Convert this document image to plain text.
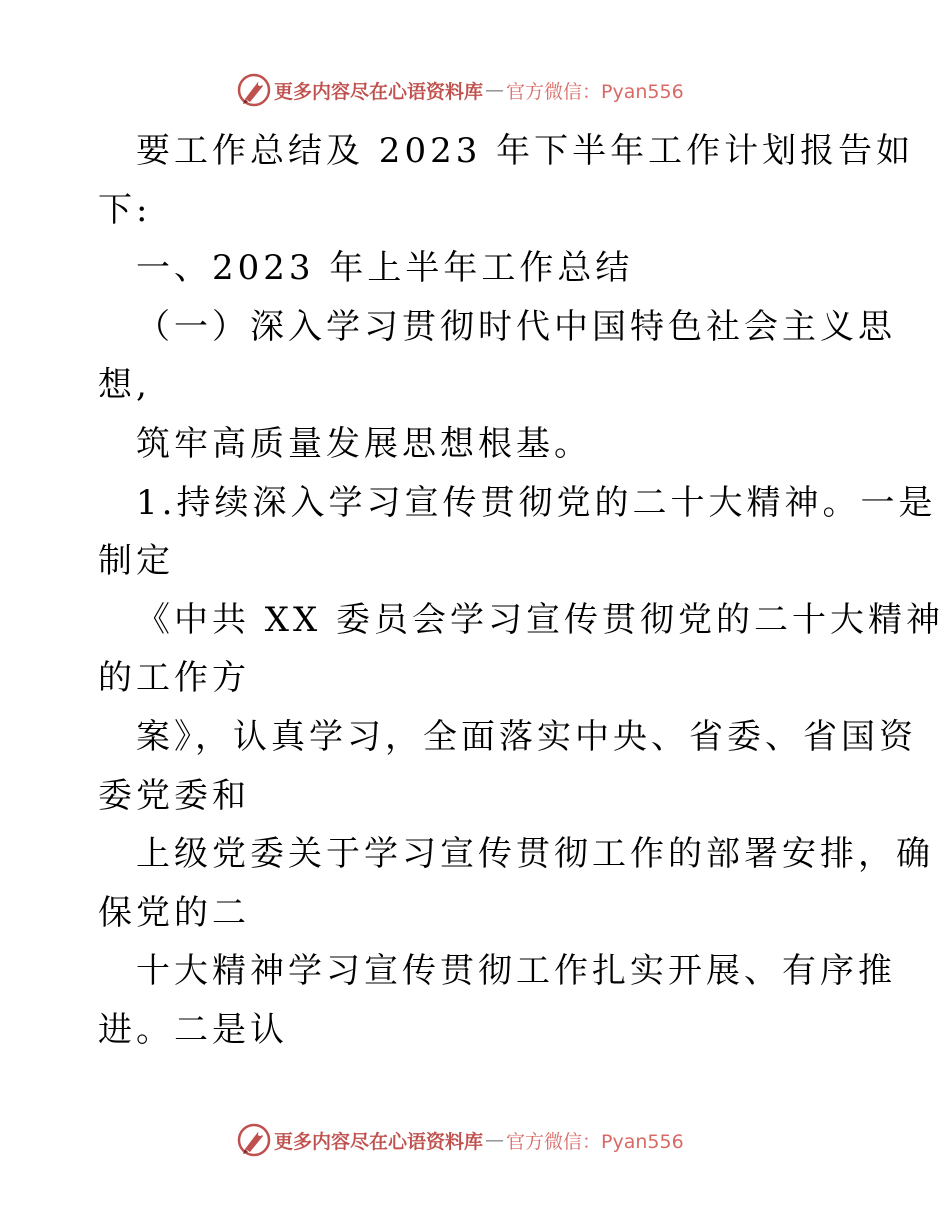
更多内容尽在心语资料库 — 官方微信：Pyan556
要工作总结及 2023 年下半年工作计划报告如
下:
一、2023 年上半年工作总结
（一）深入学习贯彻时代中国特色社会主义思
想,
筑牢高质量发展思想根基。
1.持续深入学习宣传贯彻党的二十大精神。一是
制定
《中共 XX 委员会学习宣传贯彻党的二十大精神
的工作方
案》，认真学习，全面落实中央、省委、省国资
委党委和
上级党委关于学习宣传贯彻工作的部署安排，确
保党的二
十大精神学习宣传贯彻工作扎实开展、有序推
进。二是认
更多内容尽在心语资料库 — 官方微信：Pyan556
